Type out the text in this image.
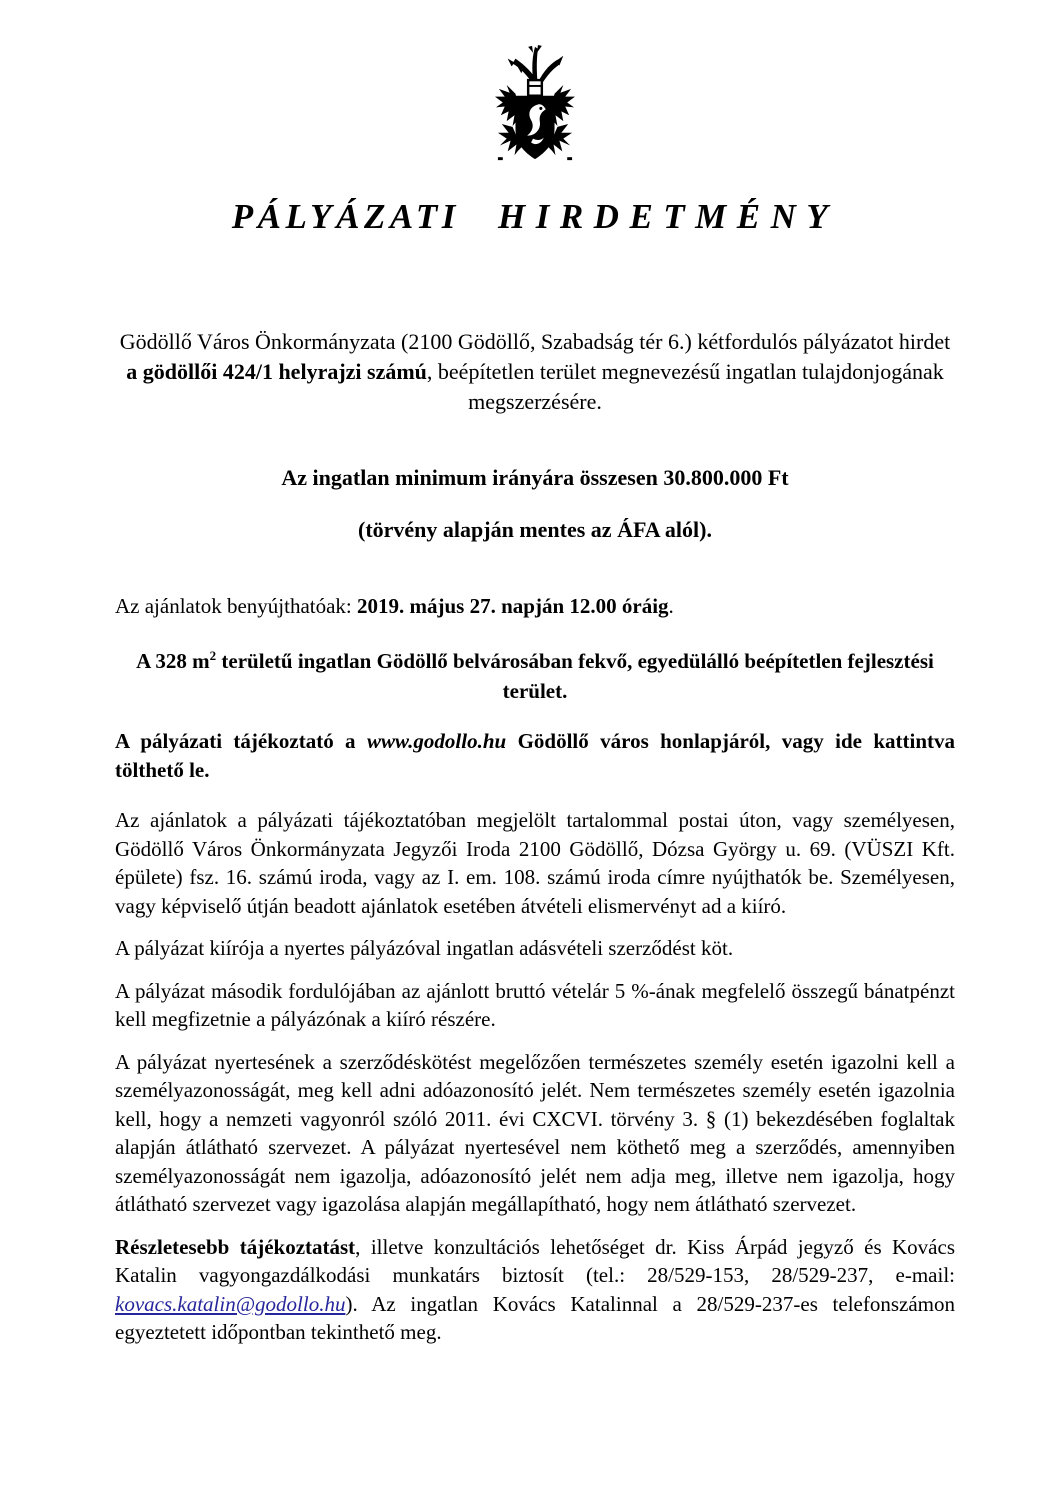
PÁLYÁZATI HIRDETMÉNY

Gödöllő Város Önkormányzata (2100 Gödöllő, Szabadság tér 6.) kétfordulós pályázatot hirdet a gödöllői 424/1 helyrajzi számú, beépítetlen terület megnevezésű ingatlan tulajdonjogának megszerzésére.

Az ingatlan minimum irányára összesen 30.800.000 Ft

(törvény alapján mentes az ÁFA alól).

Az ajánlatok benyújthatóak: 2019. május 27. napján 12.00 óráig.

A 328 $m^2$ területű ingatlan Gödöllő belvárosában fekvő, egyedülálló beépítetlen fejlesztési terület.

A pályázati tájékoztató a www.godollo.hu Gödöllő város honlapjáról, vagy ide kattintva tölthető le.

Az ajánlatok a pályázati tájékoztatóban megjelölt tartalommal postai úton, vagy személyesen, Gödöllő Város Önkormányzata Jegyzői Iroda 2100 Gödöllő, Dózsa György u. 69. (VÜSZI Kft. épülete) fsz. 16. számú iroda, vagy az I. em. 108. számú iroda címre nyújthatók be. Személyesen, vagy képviselő útján beadott ajánlatok esetében átvételi elismervényt ad a kiíró.

A pályázat kiírója a nyertes pályázóval ingatlan adásvételi szerződést köt.

A pályázat második fordulójában az ajánlott bruttó vételár 5 %-ának megfelelő összegű bánatpénzt kell megfizetnie a pályázónak a kiíró részére.

A pályázat nyertesének a szerződéskötést megelőzően természetes személy esetén igazolni kell a személyazonosságát, meg kell adni adóazonosító jelét. Nem természetes személy esetén igazolnia kell, hogy a nemzeti vagyonról szóló 2011. évi CXCVI. törvény 3. § (1) bekezdésében foglaltak alapján átlátható szervezet. A pályázat nyertesével nem köthető meg a szerződés, amennyiben személyazonosságát nem igazolja, adóazonosító jelét nem adja meg, illetve nem igazolja, hogy átlátható szervezet vagy igazolása alapján megállapítható, hogy nem átlátható szervezet.

Részletesebb tájékoztatást, illetve konzultációs lehetőséget dr. Kiss Árpád jegyző és Kovács Katalin vagyongazdálkodási munkatárs biztosít (tel.: 28/529-153, 28/529-237, e-mail: kovacs.katalin@godollo.hu). Az ingatlan Kovács Katalinnal a 28/529-237-es telefonszámon egyeztetett időpontban tekinthető meg.
